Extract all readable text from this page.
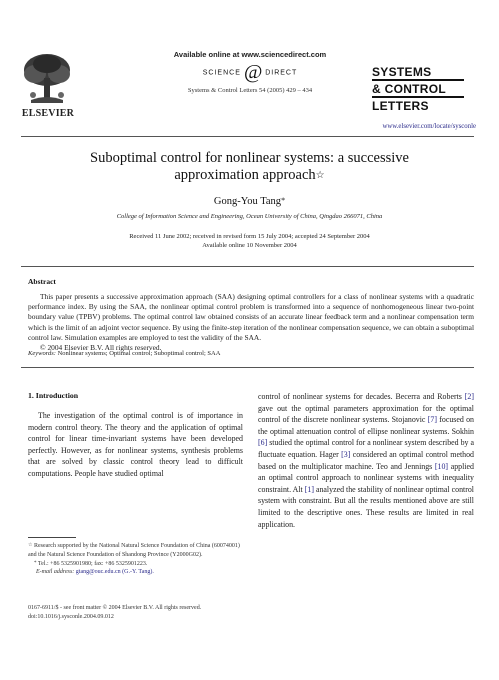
Available online at www.sciencedirect.com
SCIENCE @ DIRECT
Systems & Control Letters 54 (2005) 429 – 434
ELSEVIER
SYSTEMS
& CONTROL
LETTERS
www.elsevier.com/locate/sysconle
Suboptimal control for nonlinear systems: a successive
approximation approach☆
Gong-You Tang*
College of Information Science and Engineering, Ocean University of China, Qingdao 266071, China
Received 11 June 2002; received in revised form 15 July 2004; accepted 24 September 2004
Available online 10 November 2004
Abstract

This paper presents a successive approximation approach (SAA) designing optimal controllers for a class of nonlinear systems with a quadratic performance index. By using the SAA, the nonlinear optimal control problem is transformed into a sequence of nonhomogeneous linear two-point boundary value (TPBV) problems. The optimal control law obtained consists of an accurate linear feedback term and a nonlinear compensation term which is the limit of an adjoint vector sequence. By using the finite-step iteration of the nonlinear compensation sequence, we can obtain a suboptimal control law. Simulation examples are employed to test the validity of the SAA.

© 2004 Elsevier B.V. All rights reserved.

Keywords: Nonlinear systems; Optimal control; Suboptimal control; SAA
1. Introduction

The investigation of the optimal control is of importance in modern control theory. The theory and the application of optimal control for linear time-invariant systems have been developed perfectly. However, as for nonlinear systems, synthesis problems that are solved by classic control theory lead to difficult computations. People have studied optimal

control of nonlinear systems for decades. Becerra and Roberts [2] gave out the optimal parameters approximation for the optimal control of the discrete nonlinear systems. Stojanovic [7] focused on the optimal attenuation control of ellipse nonlinear systems. Sokhin [6] studied the optimal control for a nonlinear system described by a fluctuate equation. Hager [3] considered an optimal control method based on the multiplicator machine. Teo and Jennings [10] applied an optimal control approach to nonlinear systems with inequality constraint. Alt [1] analyzed the stability of nonlinear optimal control system with constraint. But all the results mentioned above are still limited to the descriptive ones. These results are limited in real application.

☆ Research supported by the National Natural Science Foundation of China (60074001) and the Natural Science Foundation of Shandong Province (Y2000G02).

* Tel.: +86 5325901980; fax: +86 5325901223.

E-mail address: gtang@ouc.edu.cn (G.-Y. Tang).

0167-6911/$ - see front matter © 2004 Elsevier B.V. All rights reserved.
doi:10.1016/j.sysconle.2004.09.012
